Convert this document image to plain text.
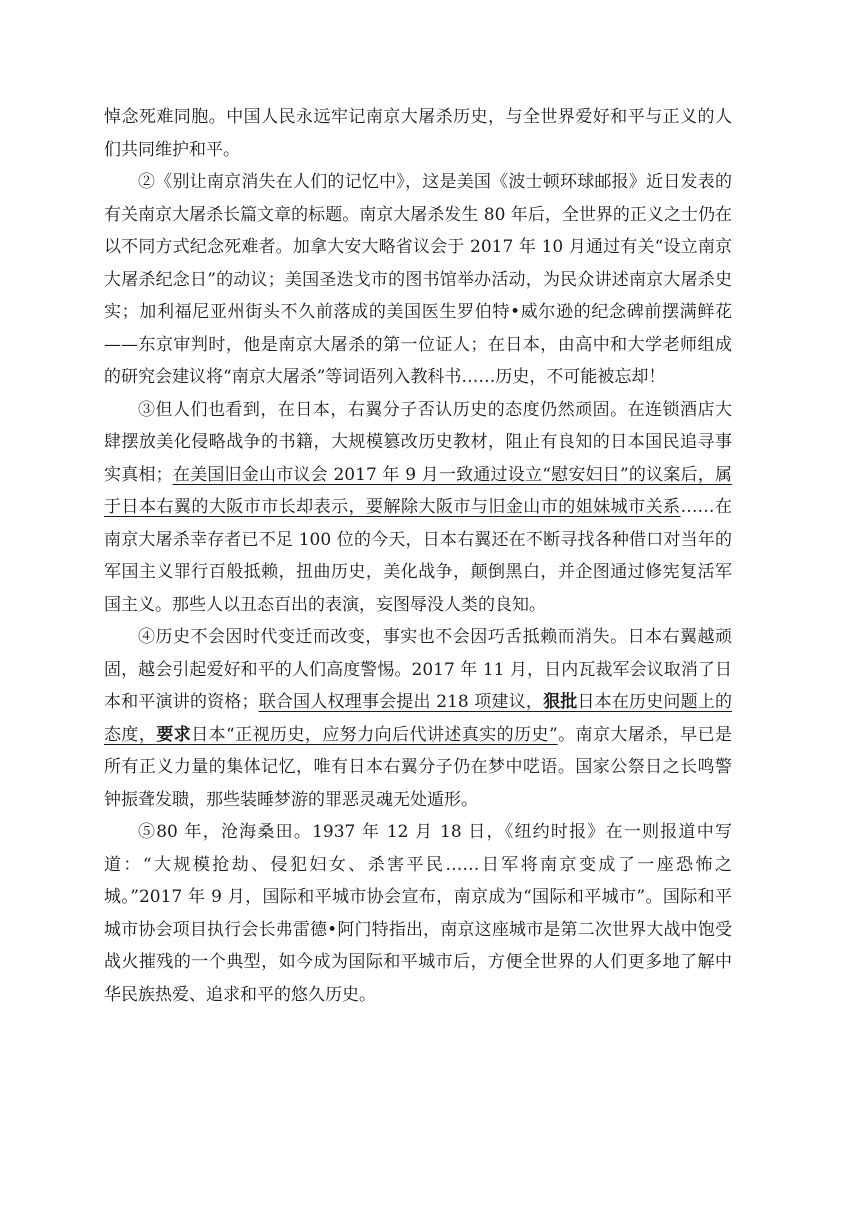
悼念死难同胞。中国人民永远牢记南京大屠杀历史，与全世界爱好和平与正义的人们共同维护和平。

②《别让南京消失在人们的记忆中》，这是美国《波士顿环球邮报》近日发表的有关南京大屠杀长篇文章的标题。南京大屠杀发生 80 年后，全世界的正义之士仍在以不同方式纪念死难者。加拿大安大略省议会于 2017 年 10 月通过有关“设立南京大屠杀纪念日”的动议；美国圣迭戈市的图书馆举办活动，为民众讲述南京大屠杀史实；加利福尼亚州街头不久前落成的美国医生罗伯特•威尔逊的纪念碑前摆满鲜花——东京审判时，他是南京大屠杀的第一位证人；在日本，由高中和大学老师组成的研究会建议将“南京大屠杀”等词语列入教科书……历史，不可能被忘却！

③但人们也看到，在日本，右翼分子否认历史的态度仍然顽固。在连锁酒店大肆摆放美化侵略战争的书籍，大规模篡改历史教材，阻止有良知的日本国民追寻事实真相；在美国旧金山市议会 2017 年 9 月一致通过设立“慰安妇日”的议案后，属于日本右翼的大阪市市长却表示，要解除大阪市与旧金山市的姐妹城市关系……在南京大屠杀幸存者已不足 100 位的今天，日本右翼还在不断寻找各种借口对当年的军国主义罪行百般抵赖，扭曲历史，美化战争，颠倒黑白，并企图通过修宪复活军国主义。那些人以丑态百出的表演，妄图辱没人类的良知。

④历史不会因时代变迁而改变，事实也不会因巧舌抵赖而消失。日本右翼越顽固，越会引起爱好和平的人们高度警惕。2017 年 11 月，日内瓦裁军会议取消了日本和平演讲的资格；联合国人权理事会提出 218 项建议，狠批日本在历史问题上的态度，要求日本“正视历史，应努力向后代讲述真实的历史”。南京大屠杀，早已是所有正义力量的集体记忆，唯有日本右翼分子仍在梦中呓语。国家公祭日之长鸣警钟振聋发聩，那些装睡梦游的罪恶灵魂无处遁形。

⑤80 年，沧海桑田。1937 年 12 月 18 日，《纽约时报》在一则报道中写道：“大规模抢劫、侵犯妇女、杀害平民……日军将南京变成了一座恐怖之城。”2017 年 9 月，国际和平城市协会宣布，南京成为“国际和平城市”。国际和平城市协会项目执行会长弗雷德•阿门特指出，南京这座城市是第二次世界大战中饱受战火摧残的一个典型，如今成为国际和平城市后，方便全世界的人们更多地了解中华民族热爱、追求和平的悠久历史。
